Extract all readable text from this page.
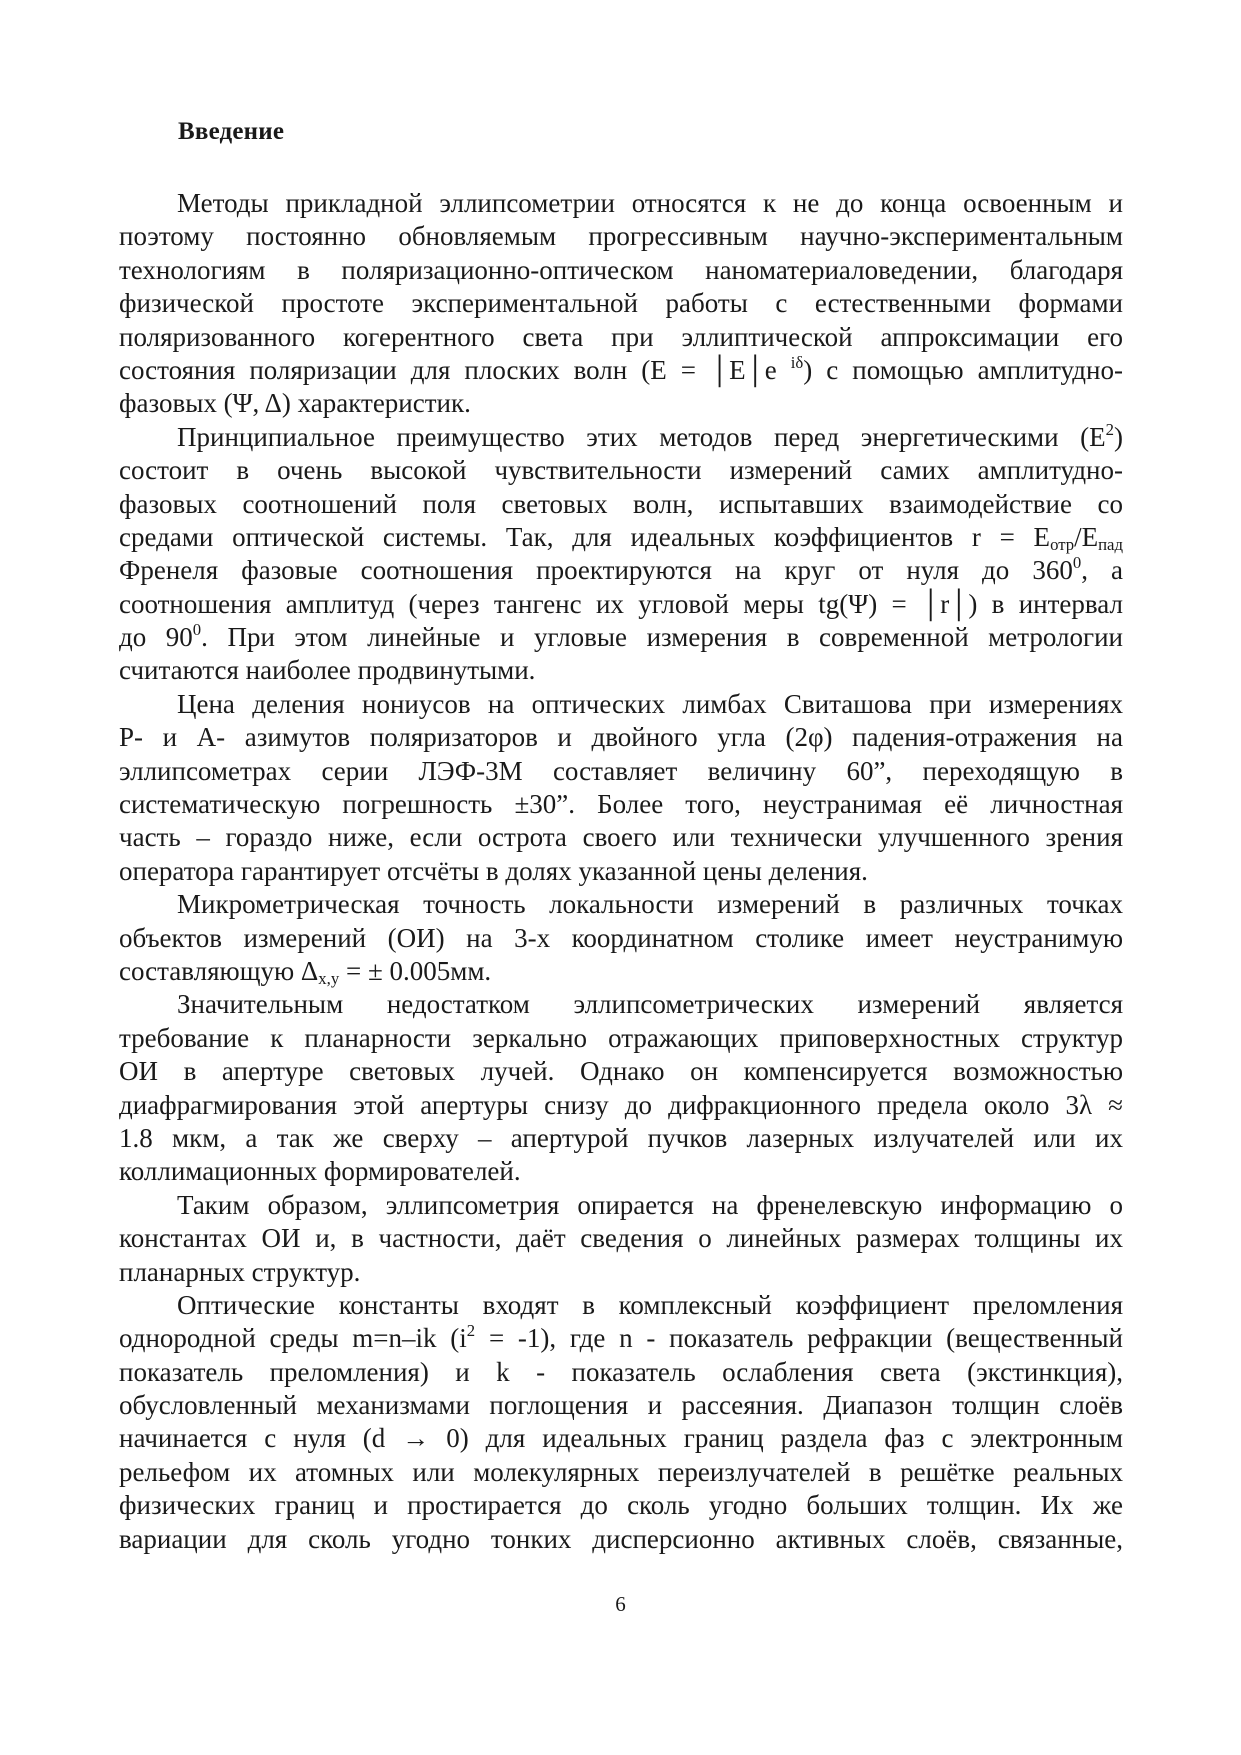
Введение
Методы прикладной эллипсометрии относятся к не до конца освоенным и
поэтому постоянно обновляемым прогрессивным научно-экспериментальным
технологиям в поляризационно-оптическом наноматериаловедении, благодаря
физической простоте экспериментальной работы с естественными формами
поляризованного когерентного света при эллиптической аппроксимации его
состояния поляризации для плоских волн (E = │E│e $^{i\delta}$) с помощью амплитудно-
фазовых (Ψ, Δ) характеристик.
Принципиальное преимущество этих методов перед энергетическими $(E^2)$
состоит в очень высокой чувствительности измерений самих амплитудно-
фазовых соотношений поля световых волн, испытавших взаимодействие со
средами оптической системы. Так, для идеальных коэффициентов $r = E_{отр}/E_{пад}$
Френеля фазовые соотношения проектируются на круг от нуля до $360^0$, а
соотношения амплитуд (через тангенс их угловой меры tg(Ψ) = │r│) в интервал
до $90^0$. При этом линейные и угловые измерения в современной метрологии
считаются наиболее продвинутыми.
Цена деления нониусов на оптических лимбах Свиташова при измерениях
P- и A- азимутов поляризаторов и двойного угла (2φ) падения-отражения на
эллипсометрах серии ЛЭФ-3М составляет величину 60”, переходящую в
систематическую погрешность ±30”. Более того, неустранимая её личностная
часть – гораздо ниже, если острота своего или технически улучшенного зрения
оператора гарантирует отсчёты в долях указанной цены деления.
Микрометрическая точность локальности измерений в различных точках
объектов измерений (ОИ) на 3-х координатном столике имеет неустранимую
составляющую $\Delta_{x,y}$ = ± 0.005мм.
Значительным недостатком эллипсометрических измерений является
требование к планарности зеркально отражающих приповерхностных структур
ОИ в апертуре световых лучей. Однако он компенсируется возможностью
диафрагмирования этой апертуры снизу до дифракционного предела около 3λ ≈
1.8 мкм, а так же сверху – апертурой пучков лазерных излучателей или их
коллимационных формирователей.
Таким образом, эллипсометрия опирается на френелевскую информацию о
константах ОИ и, в частности, даёт сведения о линейных размерах толщины их
планарных структур.
Оптические константы входят в комплексный коэффициент преломления
однородной среды m=n–ik $(i^2 = -1)$, где n - показатель рефракции (вещественный
показатель преломления) и k - показатель ослабления света (экстинкция),
обусловленный механизмами поглощения и рассеяния. Диапазон толщин слоёв
начинается с нуля (d → 0) для идеальных границ раздела фаз с электронным
рельефом их атомных или молекулярных переизлучателей в решётке реальных
физических границ и простирается до сколь угодно больших толщин. Их же
вариации для сколь угодно тонких дисперсионно активных слоёв, связанные,
6
